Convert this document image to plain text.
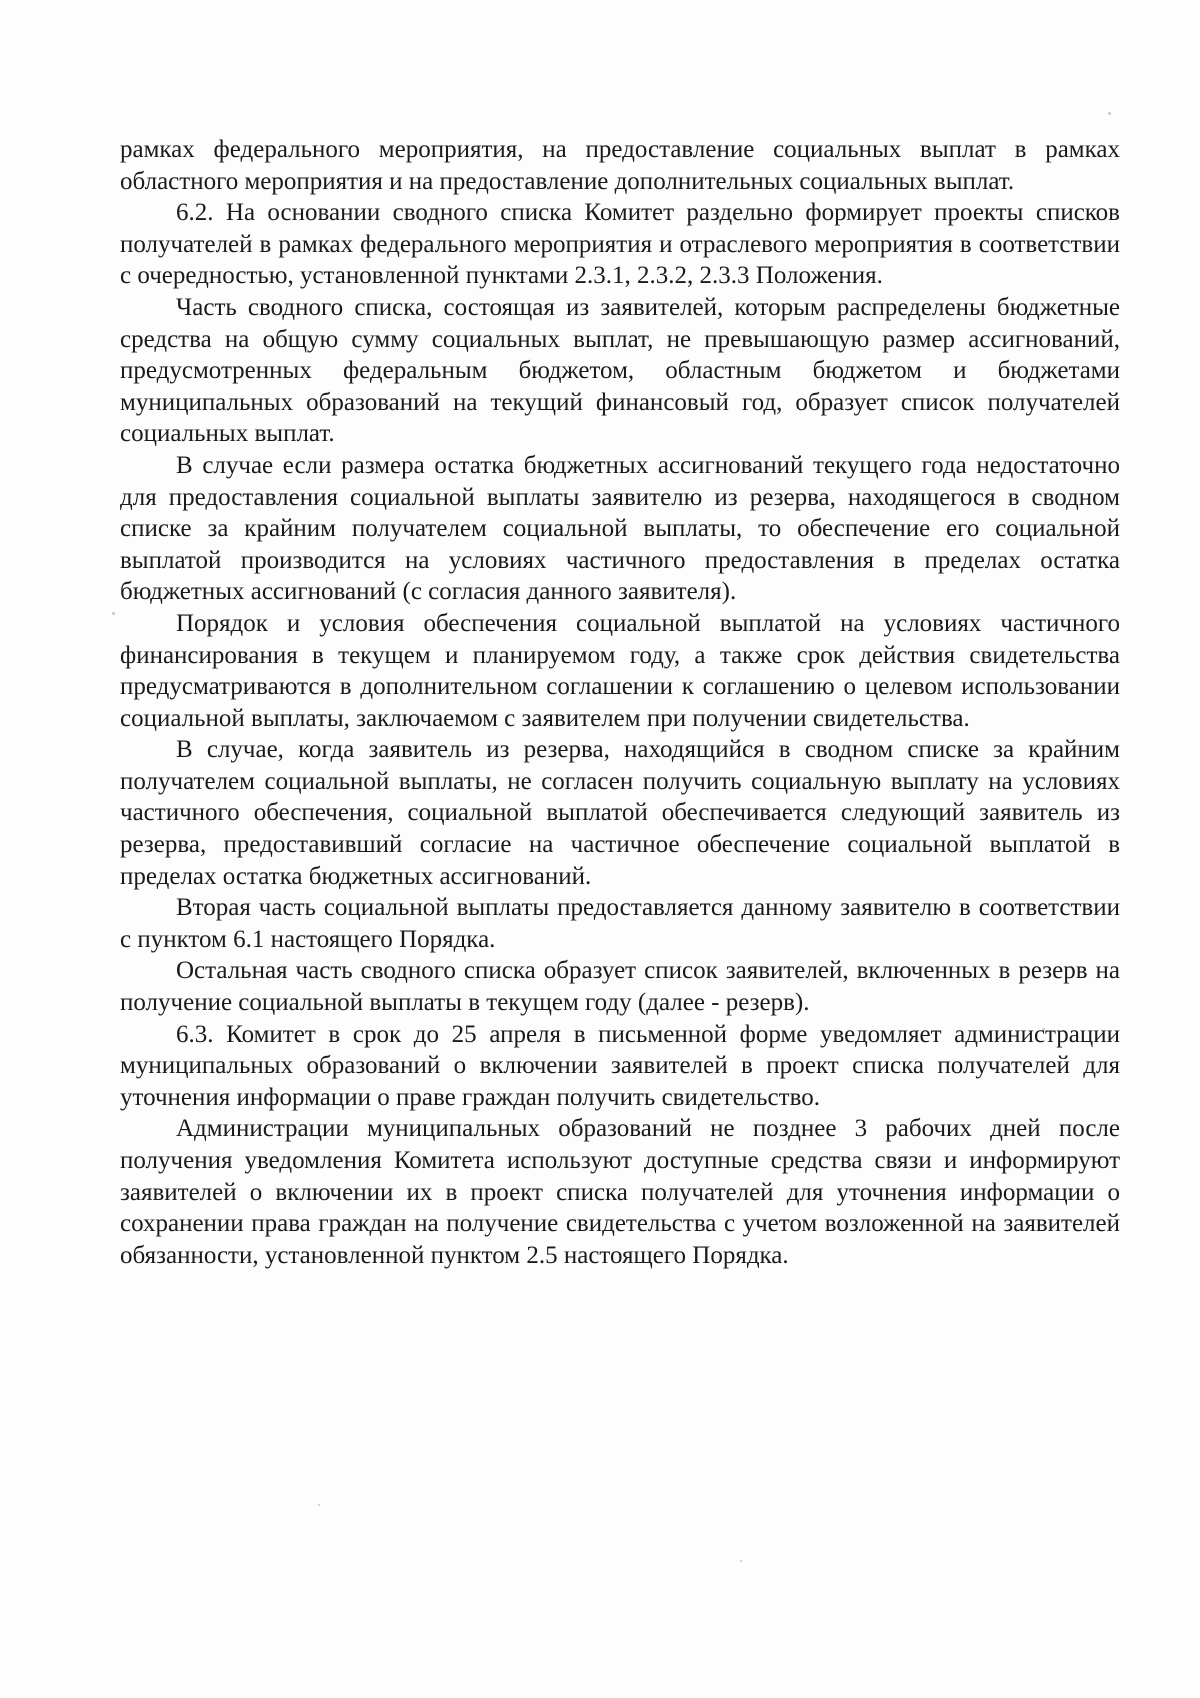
рамках федерального мероприятия, на предоставление социальных выплат в рамках областного мероприятия и на предоставление дополнительных социальных выплат.

6.2. На основании сводного списка Комитет раздельно формирует проекты списков получателей в рамках федерального мероприятия и отраслевого мероприятия в соответствии с очередностью, установленной пунктами 2.3.1, 2.3.2, 2.3.3 Положения.

Часть сводного списка, состоящая из заявителей, которым распределены бюджетные средства на общую сумму социальных выплат, не превышающую размер ассигнований, предусмотренных федеральным бюджетом, областным бюджетом и бюджетами муниципальных образований на текущий финансовый год, образует список получателей социальных выплат.

В случае если размера остатка бюджетных ассигнований текущего года недостаточно для предоставления социальной выплаты заявителю из резерва, находящегося в сводном списке за крайним получателем социальной выплаты, то обеспечение его социальной выплатой производится на условиях частичного предоставления в пределах остатка бюджетных ассигнований (с согласия данного заявителя).

Порядок и условия обеспечения социальной выплатой на условиях частичного финансирования в текущем и планируемом году, а также срок действия свидетельства предусматриваются в дополнительном соглашении к соглашению о целевом использовании социальной выплаты, заключаемом с заявителем при получении свидетельства.

В случае, когда заявитель из резерва, находящийся в сводном списке за крайним получателем социальной выплаты, не согласен получить социальную выплату на условиях частичного обеспечения, социальной выплатой обеспечивается следующий заявитель из резерва, предоставивший согласие на частичное обеспечение социальной выплатой в пределах остатка бюджетных ассигнований.

Вторая часть социальной выплаты предоставляется данному заявителю в соответствии с пунктом 6.1 настоящего Порядка.

Остальная часть сводного списка образует список заявителей, включенных в резерв на получение социальной выплаты в текущем году (далее - резерв).

6.3. Комитет в срок до 25 апреля в письменной форме уведомляет администрации муниципальных образований о включении заявителей в проект списка получателей для уточнения информации о праве граждан получить свидетельство.

Администрации муниципальных образований не позднее 3 рабочих дней после получения уведомления Комитета используют доступные средства связи и информируют заявителей о включении их в проект списка получателей для уточнения информации о сохранении права граждан на получение свидетельства с учетом возложенной на заявителей обязанности, установленной пунктом 2.5 настоящего Порядка.
